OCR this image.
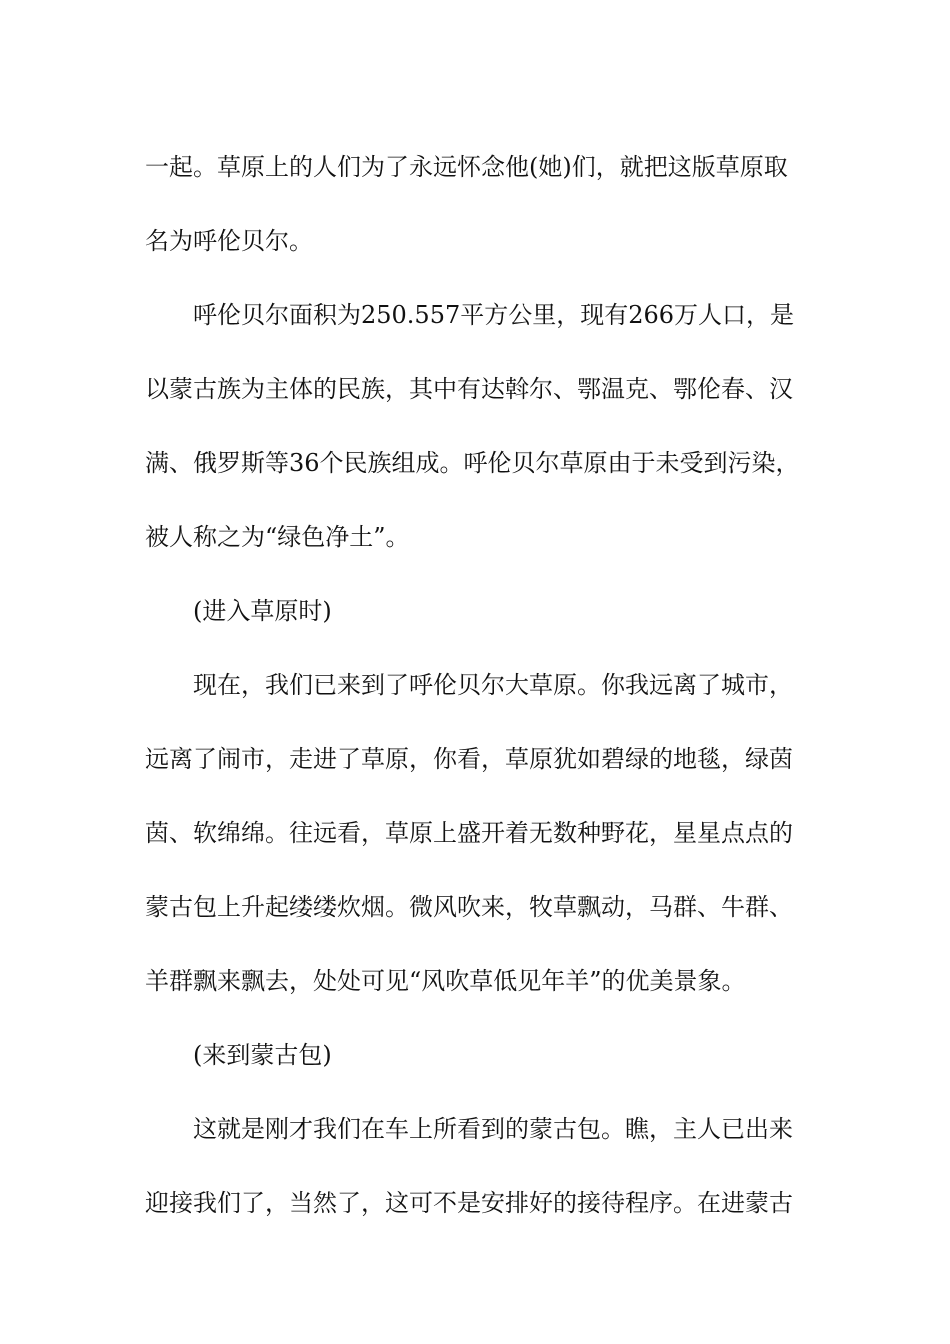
一起。草原上的人们为了永远怀念他(她)们，就把这版草原取
名为呼伦贝尔。
呼伦贝尔面积为250.557平方公里，现有266万人口，是
以蒙古族为主体的民族，其中有达斡尔、鄂温克、鄂伦春、汉
满、俄罗斯等36个民族组成。呼伦贝尔草原由于未受到污染，
被人称之为“绿色净土”。
(进入草原时)
现在，我们已来到了呼伦贝尔大草原。你我远离了城市，
远离了闹市，走进了草原，你看，草原犹如碧绿的地毯，绿茵
茵、软绵绵。往远看，草原上盛开着无数种野花，星星点点的
蒙古包上升起缕缕炊烟。微风吹来，牧草飘动，马群、牛群、
羊群飘来飘去，处处可见“风吹草低见年羊”的优美景象。
(来到蒙古包)
这就是刚才我们在车上所看到的蒙古包。瞧，主人已出来
迎接我们了，当然了，这可不是安排好的接待程序。在进蒙古
